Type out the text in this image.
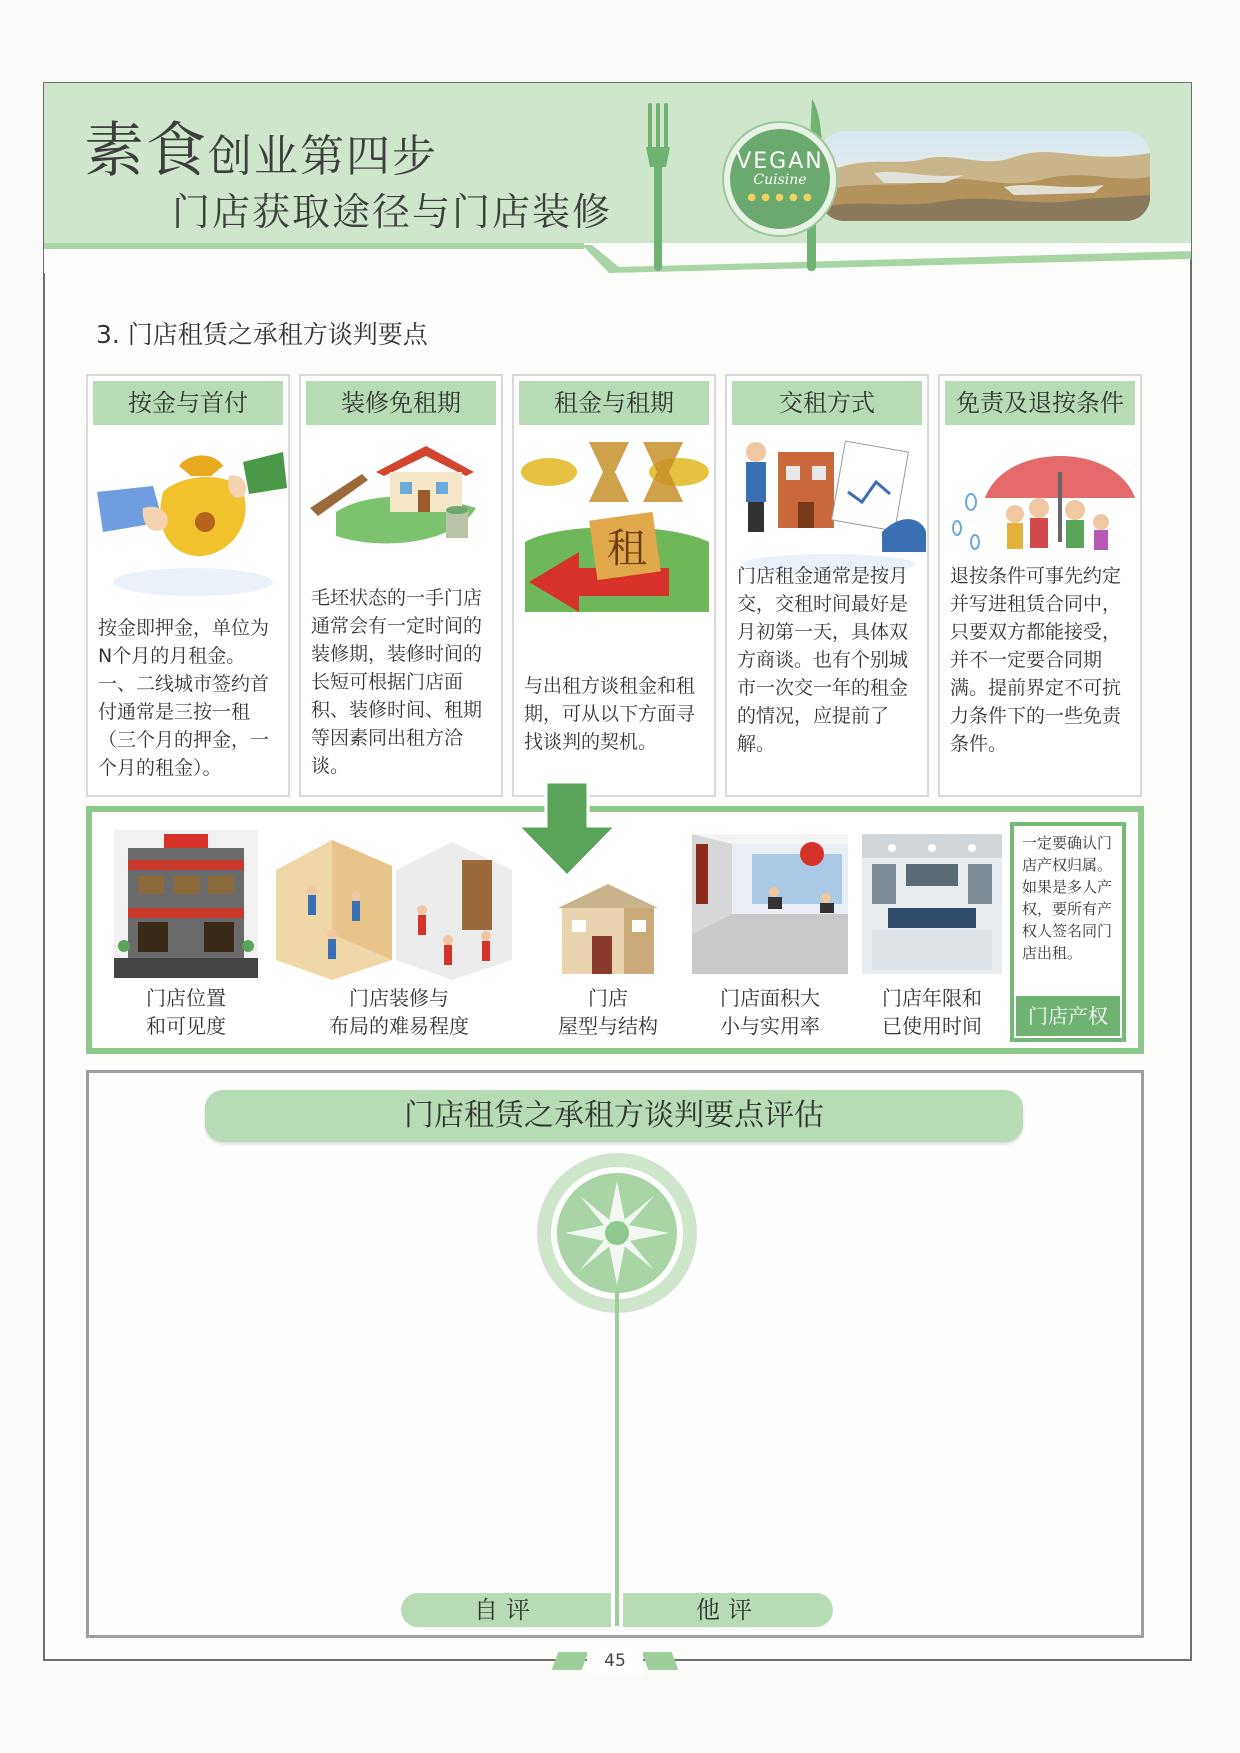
素食创业第四步
门店获取途径与门店装修
VEGAN
Cuisine
● ● ● ● ●
3. 门店租赁之承租方谈判要点
按金与首付
按金即押金，单位为N个月的月租金。一、二线城市签约首付通常是三按一租（三个月的押金，一个月的租金）。
装修免租期
毛坯状态的一手门店通常会有一定时间的装修期，装修时间的长短可根据门店面积、装修时间、租期等因素同出租方洽谈。
租金与租期
租
与出租方谈租金和租期，可从以下方面寻找谈判的契机。
交租方式
门店租金通常是按月交，交租时间最好是月初第一天，具体双方商谈。也有个别城市一次交一年的租金的情况，应提前了解。
免责及退按条件
退按条件可事先约定并写进租赁合同中，只要双方都能接受，并不一定要合同期满。提前界定不可抗力条件下的一些免责条件。
门店位置
和可见度
门店装修与
布局的难易程度
门店
屋型与结构
门店面积大
小与实用率
门店年限和
已使用时间
一定要确认门店产权归属。如果是多人产权，要所有产权人签名同门店出租。
门店产权
门店租赁之承租方谈判要点评估
自评	他评
45
